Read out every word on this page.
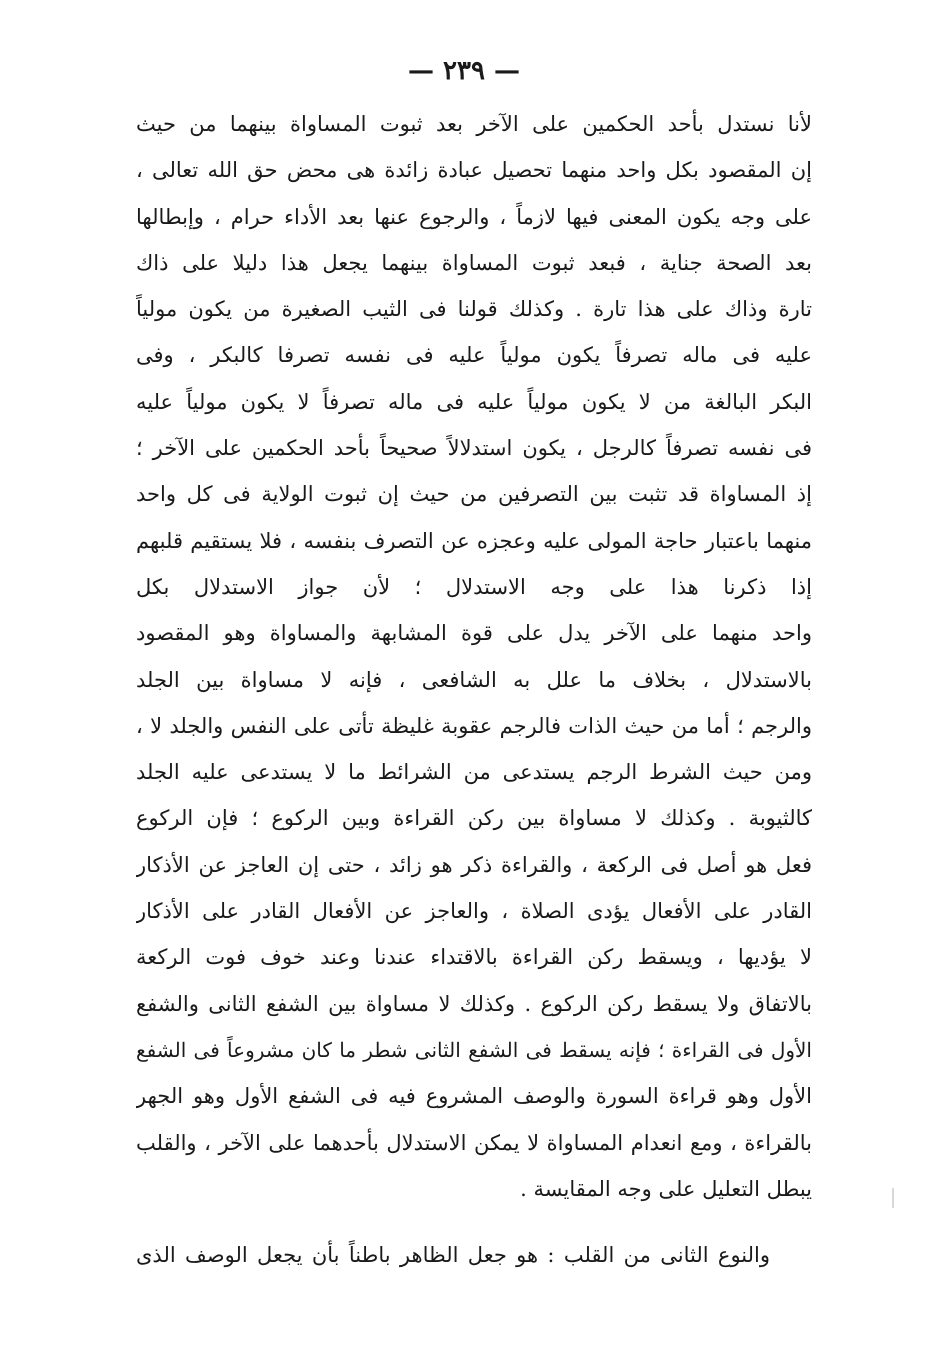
— ٢٣٩ —
لأنا نستدل بأحد الحكمين على الآخر بعد ثبوت المساواة بينهما من حيث
إن المقصود بكل واحد منهما تحصيل عبادة زائدة هى محض حق الله تعالى ،
على وجه يكون المعنى فيها لازماً ، والرجوع عنها بعد الأداء حرام ، وإبطالها
بعد الصحة جناية ، فبعد ثبوت المساواة بينهما يجعل هذا دليلا على ذاك
تارة وذاك على هذا تارة . وكذلك قولنا فى الثيب الصغيرة من يكون مولياً
عليه فى ماله تصرفاً يكون مولياً عليه فى نفسه تصرفا كالبكر ، وفى
البكر البالغة من لا يكون مولياً عليه فى ماله تصرفاً لا يكون مولياً عليه
فى نفسه تصرفاً كالرجل ، يكون استدلالاً صحيحاً بأحد الحكمين على الآخر ؛
إذ المساواة قد تثبت بين التصرفين من حيث إن ثبوت الولاية فى كل واحد
منهما باعتبار حاجة المولى عليه وعجزه عن التصرف بنفسه ، فلا يستقيم قلبهم
إذا ذكرنا هذا على وجه الاستدلال ؛ لأن جواز الاستدلال بكل
واحد منهما على الآخر يدل على قوة المشابهة والمساواة وهو المقصود
بالاستدلال ، بخلاف ما علل به الشافعى ، فإنه لا مساواة بين الجلد
والرجم ؛ أما من حيث الذات فالرجم عقوبة غليظة تأتى على النفس والجلد لا ،
ومن حيث الشرط الرجم يستدعى من الشرائط ما لا يستدعى عليه الجلد
كالثيوبة . وكذلك لا مساواة بين ركن القراءة وبين الركوع ؛ فإن الركوع
فعل هو أصل فى الركعة ، والقراءة ذكر هو زائد ، حتى إن العاجز عن الأذكار
القادر على الأفعال يؤدى الصلاة ، والعاجز عن الأفعال القادر على الأذكار
لا يؤديها ، ويسقط ركن القراءة بالاقتداء عندنا وعند خوف فوت الركعة
بالاتفاق ولا يسقط ركن الركوع . وكذلك لا مساواة بين الشفع الثانى والشفع
الأول فى القراءة ؛ فإنه يسقط فى الشفع الثانى شطر ما كان مشروعاً فى الشفع
الأول وهو قراءة السورة والوصف المشروع فيه فى الشفع الأول وهو الجهر
بالقراءة ، ومع انعدام المساواة لا يمكن الاستدلال بأحدهما على الآخر ، والقلب
يبطل التعليل على وجه المقايسة .
والنوع الثانى من القلب : هو جعل الظاهر باطناً بأن يجعل الوصف الذى
